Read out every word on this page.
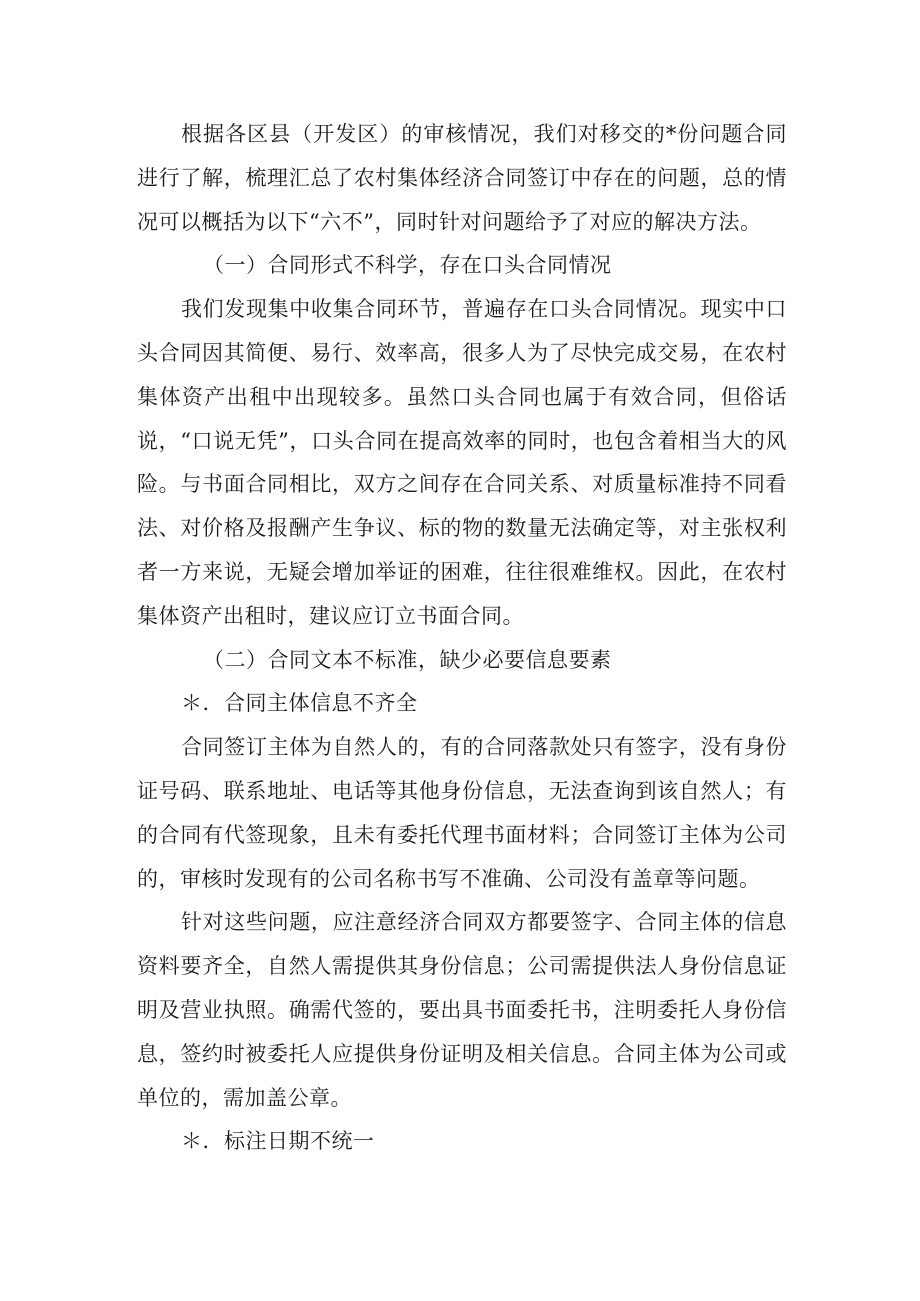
根据各区县（开发区）的审核情况，我们对移交的*份问题合同进行了解，梳理汇总了农村集体经济合同签订中存在的问题，总的情况可以概括为以下“六不”，同时针对问题给予了对应的解决方法。

（一）合同形式不科学，存在口头合同情况

我们发现集中收集合同环节，普遍存在口头合同情况。现实中口头合同因其简便、易行、效率高，很多人为了尽快完成交易，在农村集体资产出租中出现较多。虽然口头合同也属于有效合同，但俗话说，“口说无凭”，口头合同在提高效率的同时，也包含着相当大的风险。与书面合同相比，双方之间存在合同关系、对质量标准持不同看法、对价格及报酬产生争议、标的物的数量无法确定等，对主张权利者一方来说，无疑会增加举证的困难，往往很难维权。因此，在农村集体资产出租时，建议应订立书面合同。

（二）合同文本不标准，缺少必要信息要素

＊．合同主体信息不齐全

合同签订主体为自然人的，有的合同落款处只有签字，没有身份证号码、联系地址、电话等其他身份信息，无法查询到该自然人；有的合同有代签现象，且未有委托代理书面材料；合同签订主体为公司的，审核时发现有的公司名称书写不准确、公司没有盖章等问题。

针对这些问题，应注意经济合同双方都要签字、合同主体的信息资料要齐全，自然人需提供其身份信息；公司需提供法人身份信息证明及营业执照。确需代签的，要出具书面委托书，注明委托人身份信息，签约时被委托人应提供身份证明及相关信息。合同主体为公司或单位的，需加盖公章。

＊．标注日期不统一
